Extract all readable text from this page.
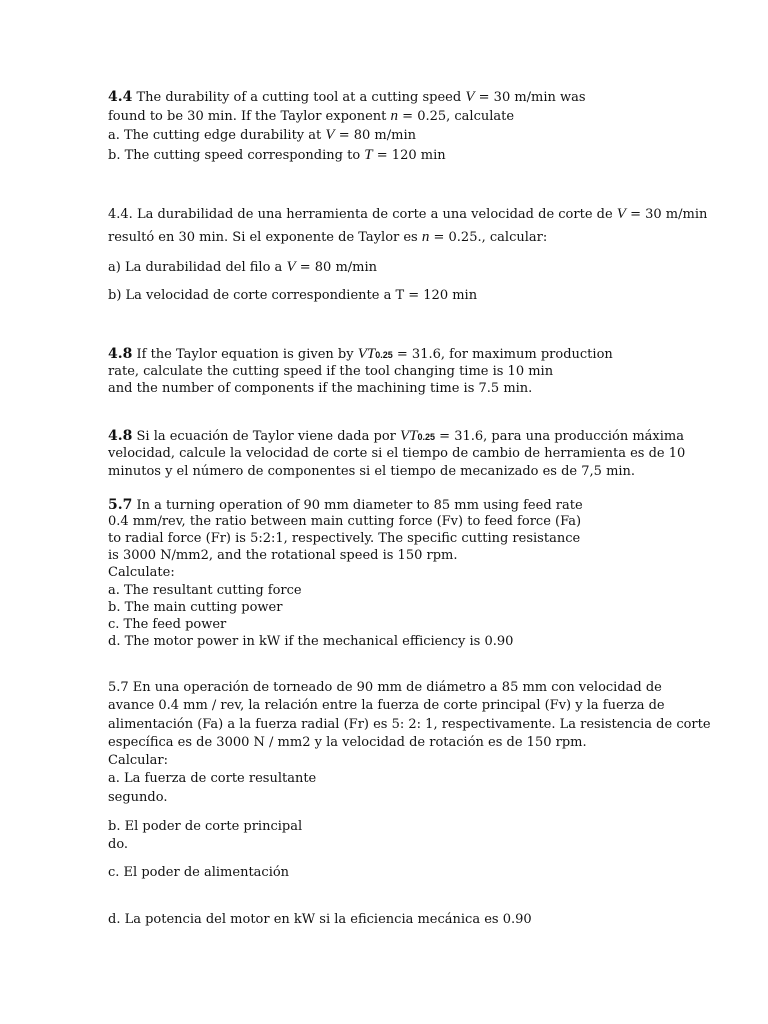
4.4 The durability of a cutting tool at a cutting speed V = 30 m/min was
found to be 30 min. If the Taylor exponent n = 0.25, calculate
a. The cutting edge durability at V = 80 m/min
b. The cutting speed corresponding to T = 120 min
4.4. La durabilidad de una herramienta de corte a una velocidad de corte de V = 30 m/min
resultó en 30 min. Si el exponente de Taylor es n = 0.25., calcular:
a) La durabilidad del filo a V = 80 m/min
b) La velocidad de corte correspondiente a T = 120 min
4.8 If the Taylor equation is given by VT0.25 = 31.6, for maximum production
rate, calculate the cutting speed if the tool changing time is 10 min
and the number of components if the machining time is 7.5 min.
4.8 Si la ecuación de Taylor viene dada por VT0.25 = 31.6, para una producción máxima
velocidad, calcule la velocidad de corte si el tiempo de cambio de herramienta es de 10
minutos y el número de componentes si el tiempo de mecanizado es de 7,5 min.
5.7 In a turning operation of 90 mm diameter to 85 mm using feed rate
0.4 mm/rev, the ratio between main cutting force (Fv) to feed force (Fa)
to radial force (Fr) is 5:2:1, respectively. The specific cutting resistance
is 3000 N/mm2, and the rotational speed is 150 rpm.
Calculate:
a. The resultant cutting force
b. The main cutting power
c. The feed power
d. The motor power in kW if the mechanical efficiency is 0.90
5.7 En una operación de torneado de 90 mm de diámetro a 85 mm con velocidad de
avance 0.4 mm / rev, la relación entre la fuerza de corte principal (Fv) y la fuerza de
alimentación (Fa) a la fuerza radial (Fr) es 5: 2: 1, respectivamente. La resistencia de corte
específica es de 3000 N / mm2 y la velocidad de rotación es de 150 rpm.
Calcular:
a. La fuerza de corte resultante
segundo.
b. El poder de corte principal
do.
c. El poder de alimentación
d. La potencia del motor en kW si la eficiencia mecánica es 0.90
